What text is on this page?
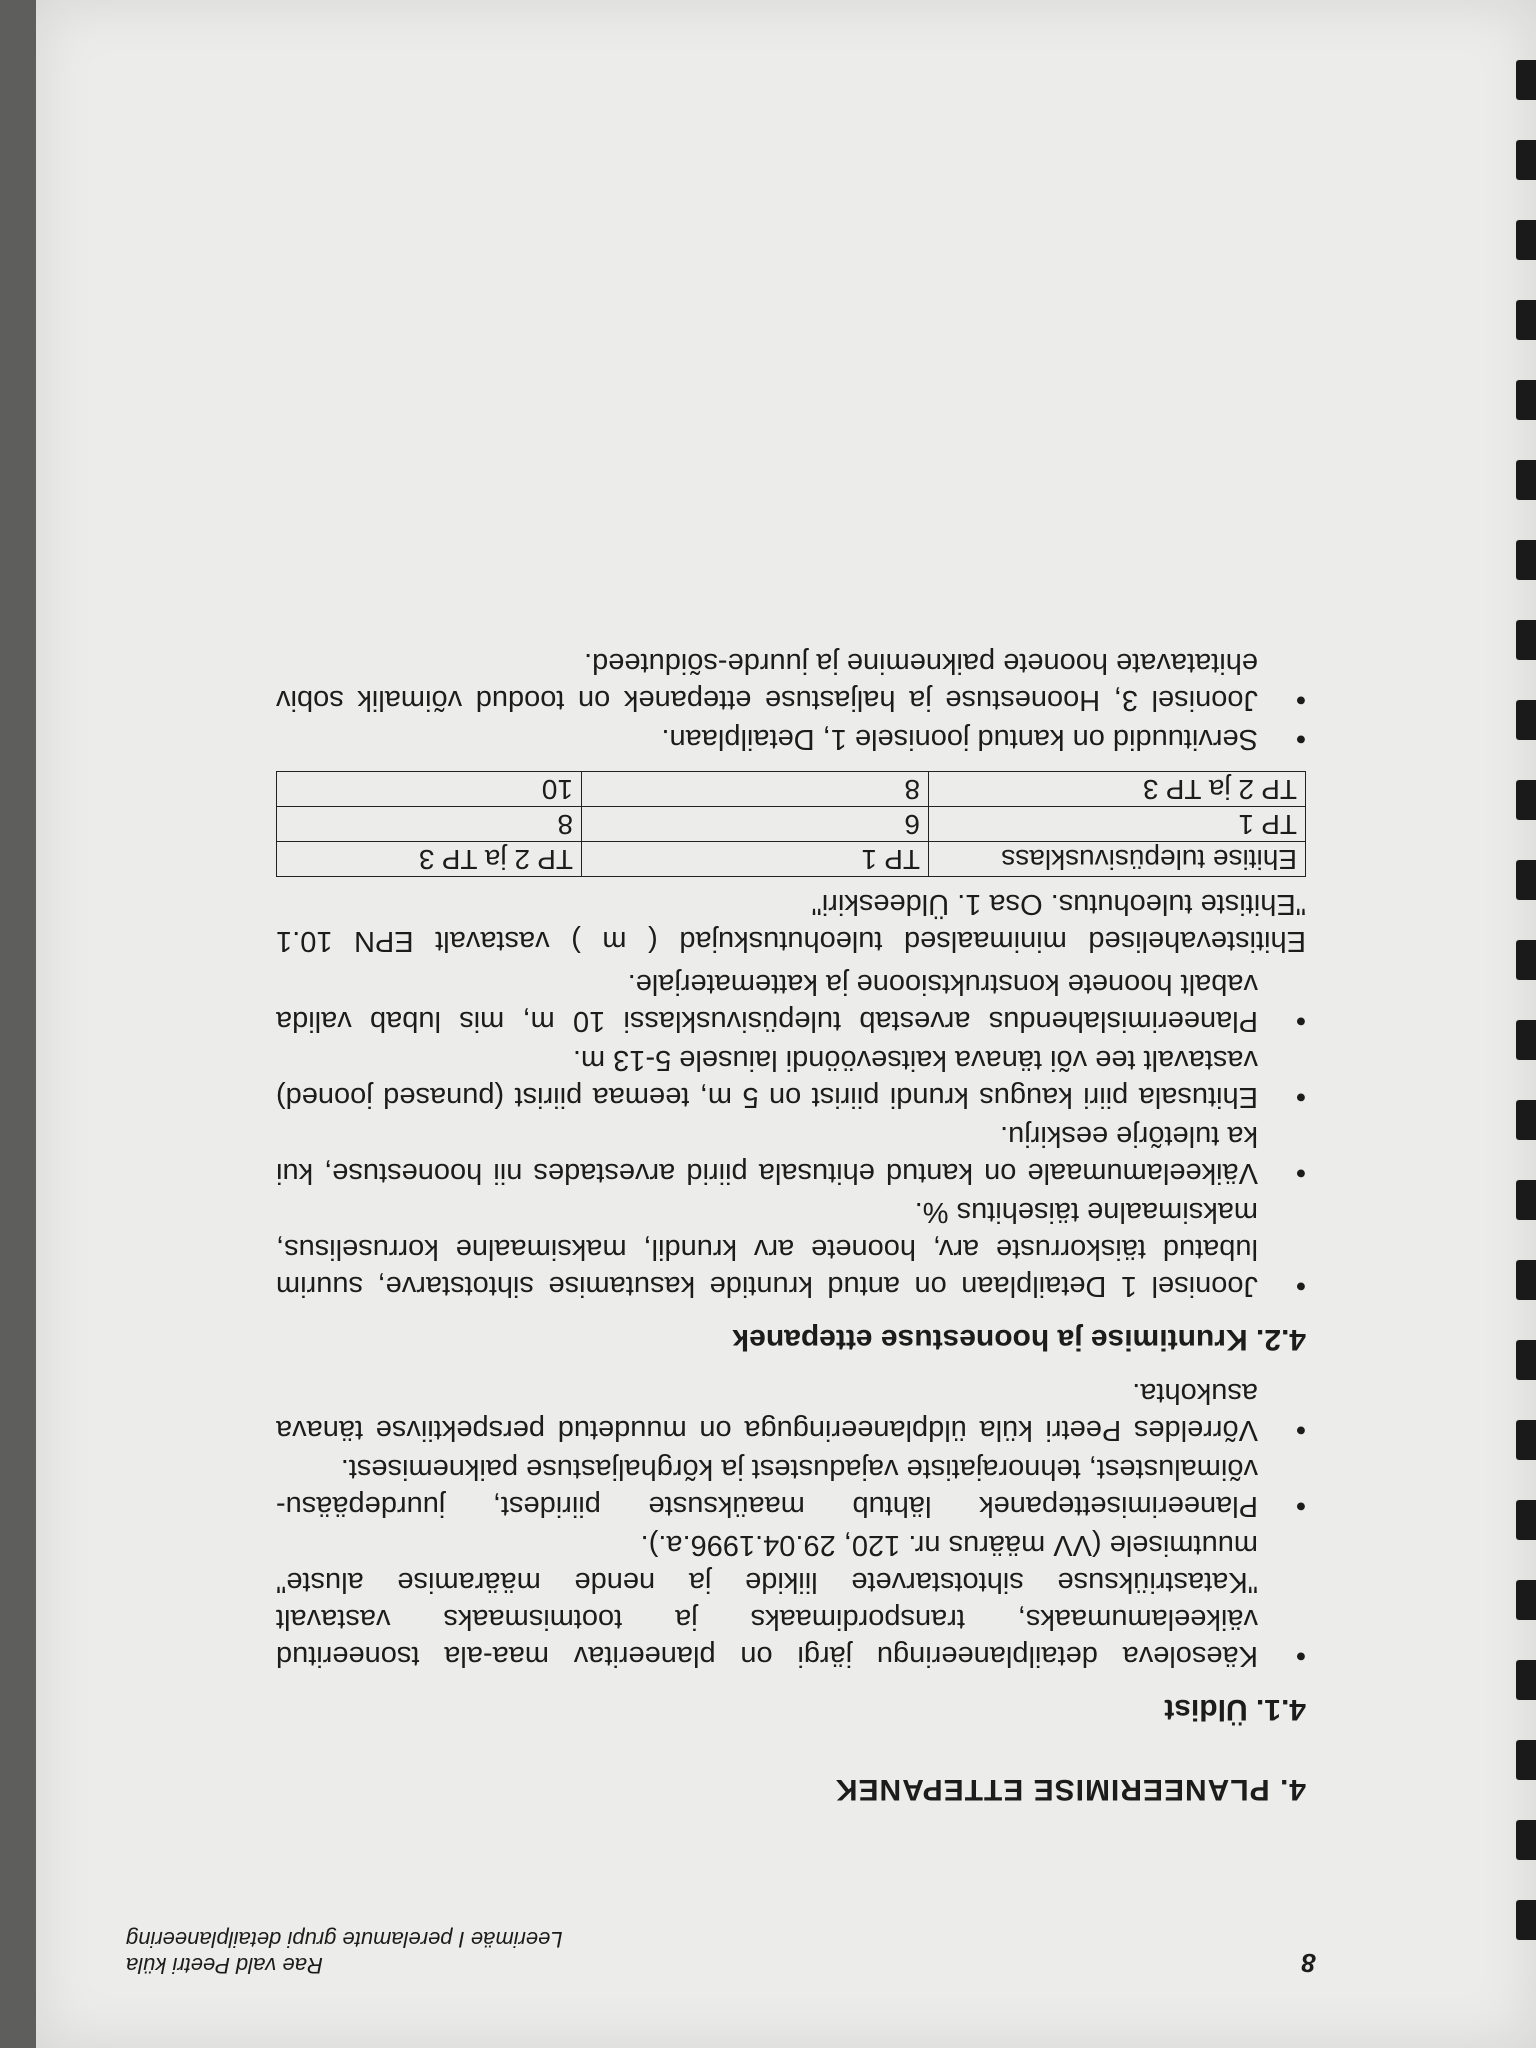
8
Rae vald Peetri küla
Leerimäe I perelamute grupi detailplaneering
4. PLANEERIMISE ETTEPANEK
4.1. Üldist
•
Käesoleva detailplaneeringu järgi on planeeritav maa-ala tsoneeritud väikeelamumaaks, transpordimaaks ja tootmismaaks vastavalt "Katastriüksuse sihtotstarvete liikide ja nende määramise aluste" muutmisele (VV määrus nr. 120, 29.04.1996.a.).
•
Planeerimisettepanek lähtub maaüksuste piiridest, juurdepääsu-võimalustest, tehnorajatiste vajadustest ja kõrghaljastuse paiknemisest.
•
Võrreldes Peetri küla üldplaneeringuga on muudetud perspektiivse tänava asukohta.
4.2. Kruntimise ja hoonestuse ettepanek
•
Joonisel 1 Detailplaan on antud kruntide kasutamise sihtotstarve, suurim lubatud täiskorruste arv, hoonete arv krundil, maksimaalne korruselisus, maksimaalne täisehitus %.
•
Väikeelamumaale on kantud ehitusala piirid arvestades nii hoonestuse, kui ka tuletõrje eeskirju.
•
Ehitusala piiri kaugus krundi piirist on 5 m, teemaa piirist (punased jooned) vastavalt tee või tänava kaitsevööndi laiusele 5-13 m.
•
Planeerimislahendus arvestab tulepüsivusklassi 10 m, mis lubab valida vabalt hoonete konstruktsioone ja kattematerjale.
Ehitistevahelised minimaalsed tuleohutuskujad ( m ) vastavalt EPN 10.1 "Ehitiste tuleohutus. Osa 1. Üldeeskiri"
Ehitise tulepüsivusklass	TP 1	TP 2 ja TP 3
TP 1	6	8
TP 2 ja TP 3	8	10
•
Servituudid on kantud joonisele 1, Detailplaan.
•
Joonisel 3, Hoonestuse ja haljastuse ettepanek on toodud võimalik sobiv ehitatavate hoonete paiknemine ja juurde-sõiduteed.
